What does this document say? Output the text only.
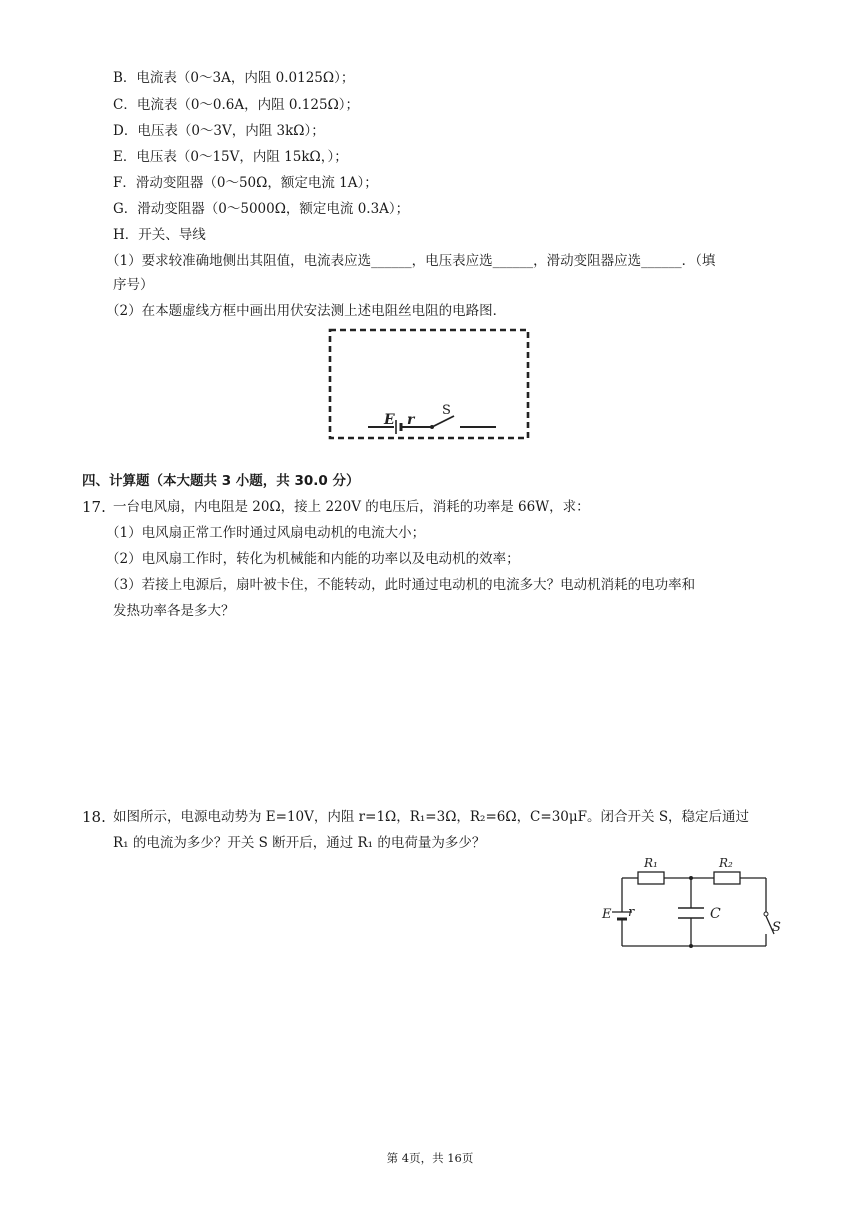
B．电流表（0～3A，内阻 0.0125Ω）；
C．电流表（0～0.6A，内阻 0.125Ω）；
D．电压表（0～3V，内阻 3kΩ）；
E．电压表（0～15V，内阻 15kΩ，）；
F．滑动变阻器（0～50Ω，额定电流 1A）；
G．滑动变阻器（0～5000Ω，额定电流 0.3A）；
H．开关、导线
（1）要求较准确地侧出其阻值，电流表应选______，电压表应选______，滑动变阻器应选______．（填
序号）
（2）在本题虚线方框中画出用伏安法测上述电阻丝电阻的电路图．
E r
S
四、计算题（本大题共 3 小题，共 30.0 分）
17. 一台电风扇，内电阻是 20Ω，接上 220V 的电压后，消耗的功率是 66W，求：
（1）电风扇正常工作时通过风扇电动机的电流大小；
（2）电风扇工作时，转化为机械能和内能的功率以及电动机的效率；
（3）若接上电源后，扇叶被卡住，不能转动，此时通过电动机的电流多大？电动机消耗的电功率和
发热功率各是多大？
18. 如图所示，电源电动势为 E=10V，内阻 r=1Ω，R₁=3Ω，R₂=6Ω，C=30μF。闭合开关 S，稳定后通过
R₁ 的电流为多少？开关 S 断开后，通过 R₁ 的电荷量为多少？
R₁	R₂
E r	C
S
第 4页，共 16页
